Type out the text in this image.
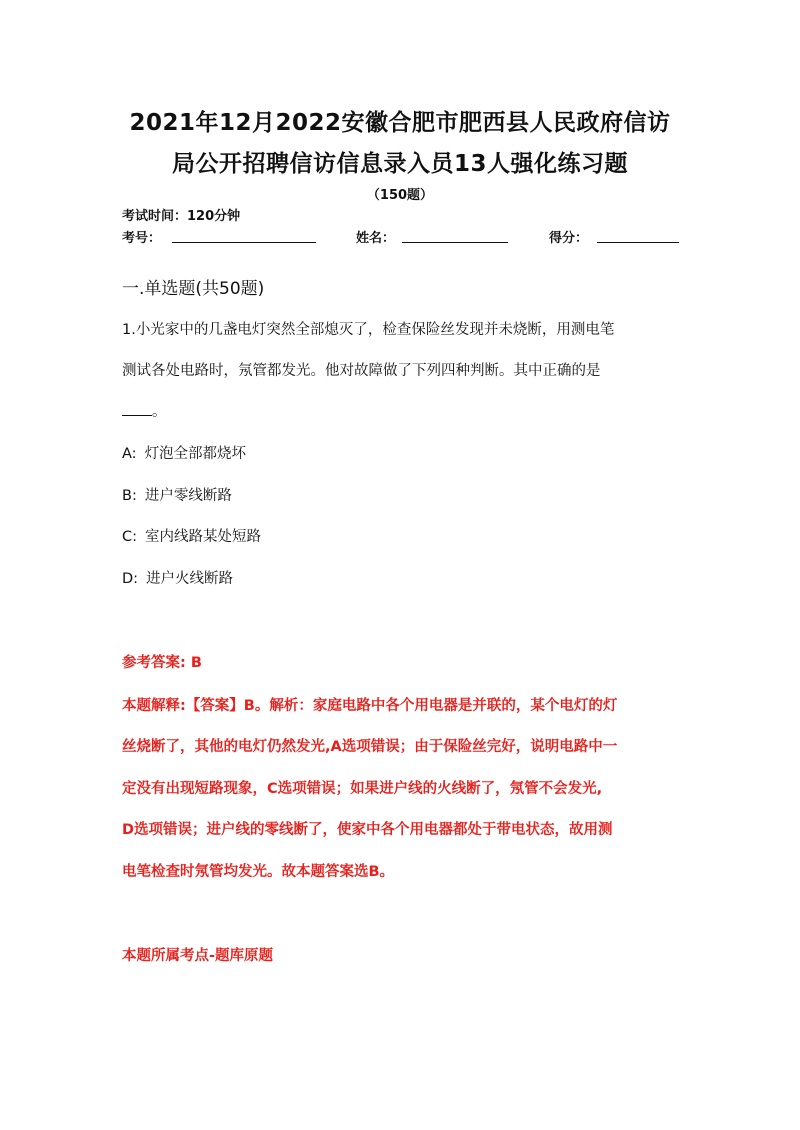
2021年12月2022安徽合肥市肥西县人民政府信访
局公开招聘信访信息录入员13人强化练习题
（150题）
考试时间：120分钟
考号：	姓名：	得分：
一.单选题(共50题)
1.小光家中的几盏电灯突然全部熄灭了，检查保险丝发现并未烧断，用测电笔
测试各处电路时，氖管都发光。他对故障做了下列四种判断。其中正确的是
。
A: 灯泡全部都烧坏
B: 进户零线断路
C: 室内线路某处短路
D: 进户火线断路
参考答案: B
本题解释:【答案】B。解析：家庭电路中各个用电器是并联的，某个电灯的灯
丝烧断了，其他的电灯仍然发光,A选项错误；由于保险丝完好，说明电路中一
定没有出现短路现象，C选项错误；如果进户线的火线断了，氖管不会发光,
D选项错误；进户线的零线断了，使家中各个用电器都处于带电状态，故用测
电笔检查时氖管均发光。故本题答案选B。
本题所属考点-题库原题
